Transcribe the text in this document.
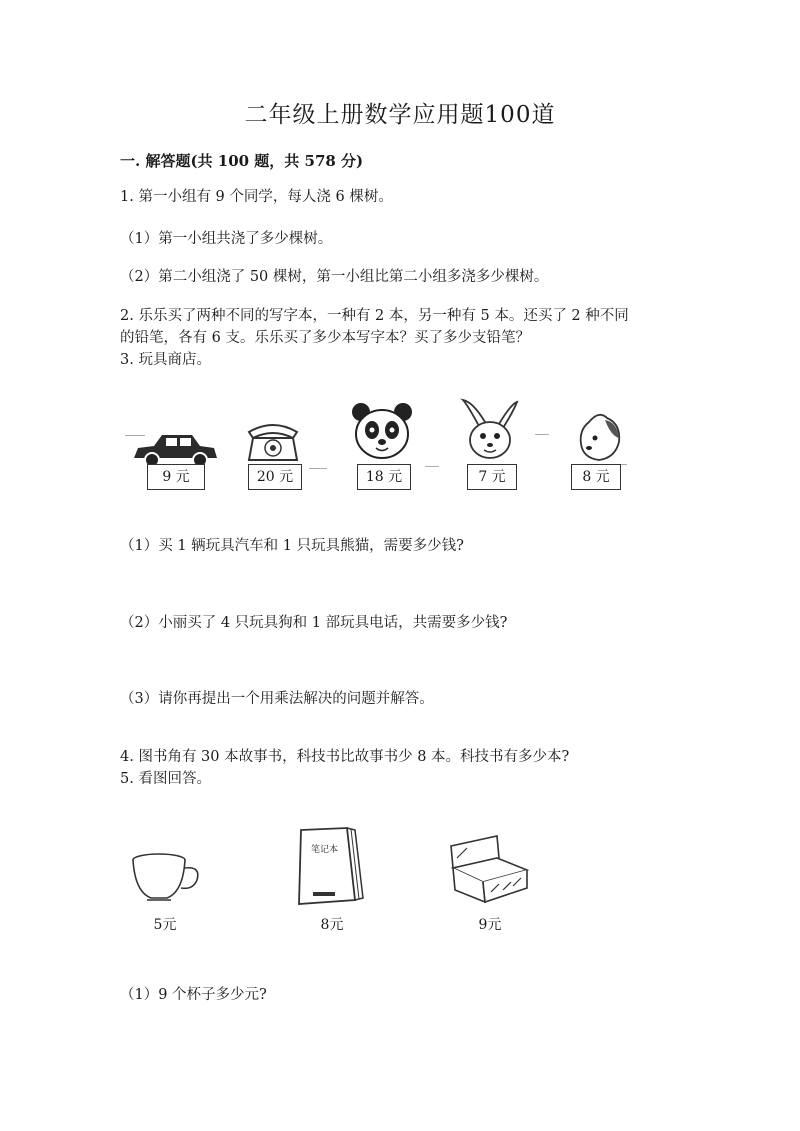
二年级上册数学应用题100道
一. 解答题(共 100 题，共 578 分)
1. 第一小组有 9 个同学，每人浇 6 棵树。
（1）第一小组共浇了多少棵树。
（2）第二小组浇了 50 棵树，第一小组比第二小组多浇多少棵树。
2. 乐乐买了两种不同的写字本，一种有 2 本，另一种有 5 本。还买了 2 种不同
的铅笔，各有 6 支。乐乐买了多少本写字本？买了多少支铅笔？
3. 玩具商店。
9 元	20 元	18 元	7 元	8 元
（1）买 1 辆玩具汽车和 1 只玩具熊猫，需要多少钱?
（2）小丽买了 4 只玩具狗和 1 部玩具电话，共需要多少钱?
（3）请你再提出一个用乘法解决的问题并解答。
4. 图书角有 30 本故事书，科技书比故事书少 8 本。科技书有多少本?
5. 看图回答。
5元
笔记本
8元	9元
（1）9 个杯子多少元?
